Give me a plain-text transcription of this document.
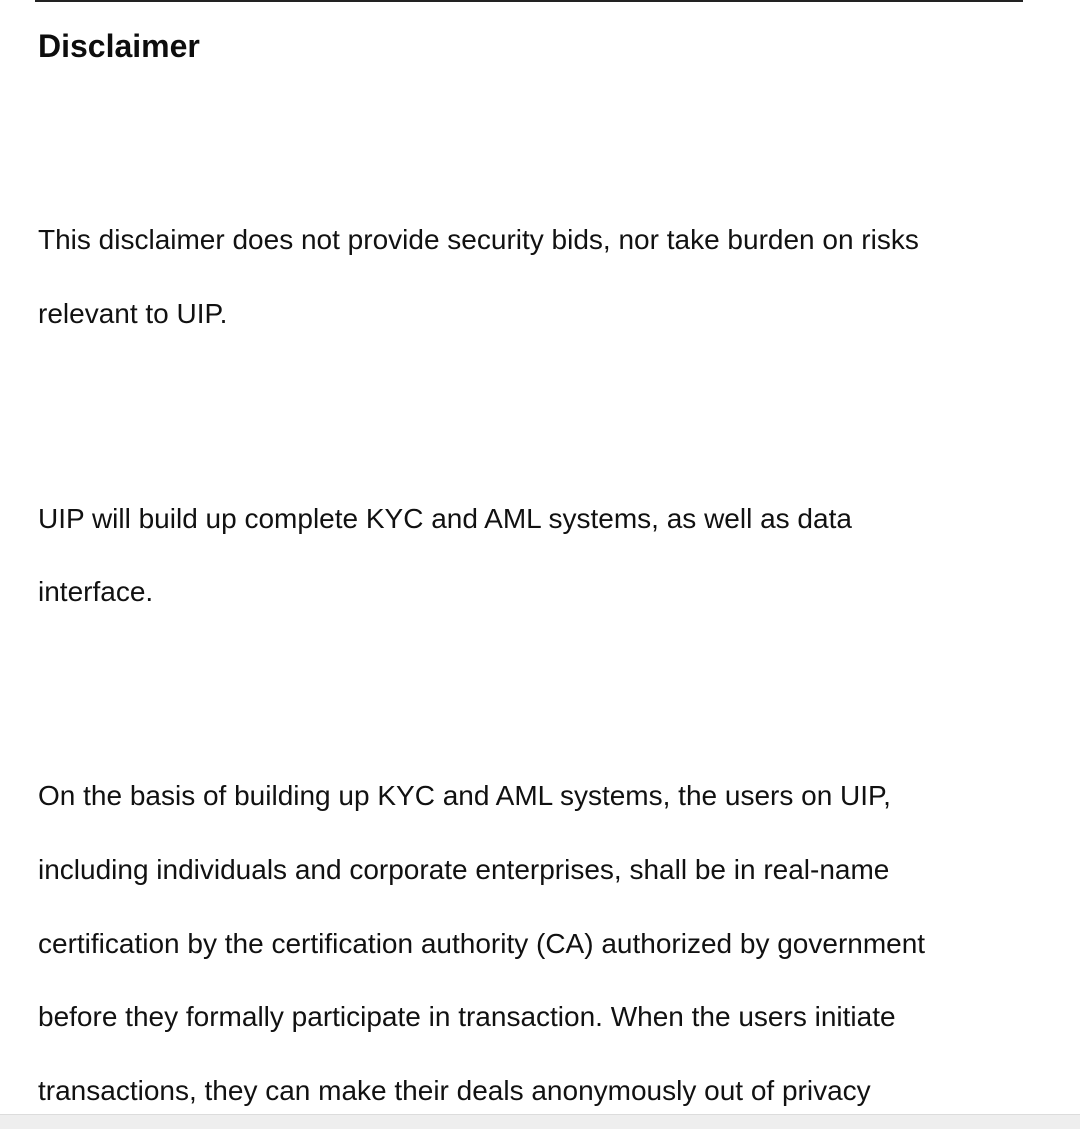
Disclaimer
This disclaimer does not provide security bids, nor take burden on risks
relevant to UIP.
UIP will build up complete KYC and AML systems, as well as data
interface.
On the basis of building up KYC and AML systems, the users on UIP,
including individuals and corporate enterprises, shall be in real-name
certification by the certification authority (CA) authorized by government
before they formally participate in transaction. When the users initiate
transactions, they can make their deals anonymously out of privacy
